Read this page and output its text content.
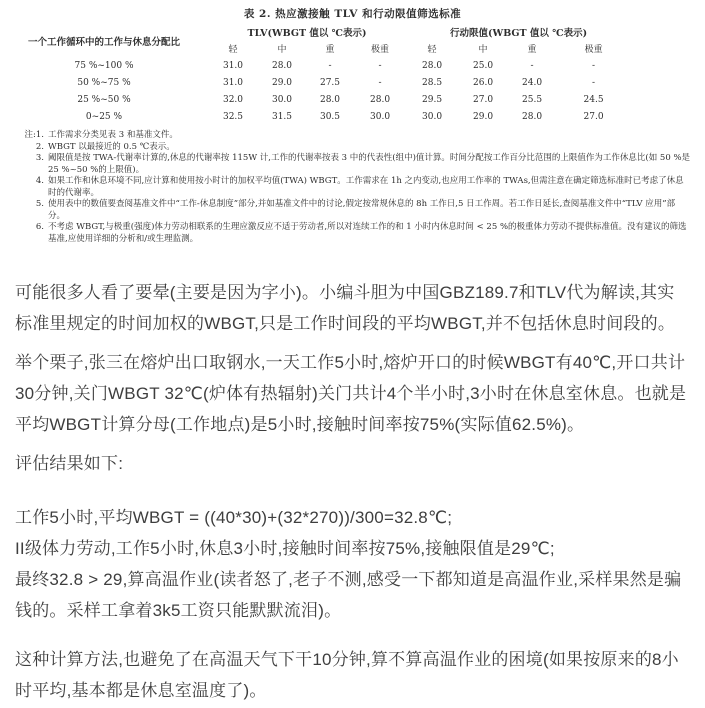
表 2. 热应激接触 TLV 和行动限值筛选标准
一个工作循环中的工作与休息分配比	TLV(WBGT 值以 ℃表示)				行动限值(WBGT 值以 ℃表示)			
	轻	中	重	极重	轻	中	重	极重
75 %~100 %	31.0	28.0	-	-	28.0	25.0	-	-
50 %~75 %	31.0	29.0	27.5	-	28.5	26.0	24.0	-
25 %~50 %	32.0	30.0	28.0	28.0	29.5	27.0	25.5	24.5
0~25 %	32.5	31.5	30.5	30.0	30.0	29.0	28.0	27.0
注:1. 工作需求分类见表 3 和基准文件。
2. WBGT 以最接近的 0.5 ℃表示。
3. 阈限值是按 TWA-代谢率计算的,休息的代谢率按 115W 计,工作的代谢率按表 3 中的代表性(组中)值计算。时间分配按工作百分比范围的上限值作为工作休息比(如 50 %是 25 %~50 %的上限值)。
4. 如果工作和休息环境不同,应计算和使用按小时计的加权平均值(TWA) WBGT。工作需求在 1h 之内变动,也应用工作率的 TWAs,但需注意在确定筛选标准时已考虑了休息时的代谢率。
5. 使用表中的数值要查阅基准文件中“工作-休息制度”部分,并如基准文件中的讨论,假定按常规休息的 8h 工作日,5 日工作周。若工作日延长,查阅基准文件中“TLV 应用”部分。
6. 不考虑 WBGT,与极重(强度)体力劳动相联系的生理应激反应不适于劳动者,所以对连续工作的和 1 小时内休息时间 < 25 %的极重体力劳动不提供标准值。没有建议的筛选基准,应使用详细的分析和/或生理监测。

可能很多人看了要晕(主要是因为字小)。小编斗胆为中国GBZ189.7和TLV代为解读,其实标准里规定的时间加权的WBGT,只是工作时间段的平均WBGT,并不包括休息时间段的。

举个栗子,张三在熔炉出口取钢水,一天工作5小时,熔炉开口的时候WBGT有40℃,开口共计30分钟,关门WBGT 32℃(炉体有热辐射)关门共计4个半小时,3小时在休息室休息。也就是平均WBGT计算分母(工作地点)是5小时,接触时间率按75%(实际值62.5%)。

评估结果如下:

工作5小时,平均WBGT = ((40*30)+(32*270))/300=32.8℃;

II级体力劳动,工作5小时,休息3小时,接触时间率按75%,接触限值是29℃;

最终32.8 > 29,算高温作业(读者怒了,老子不测,感受一下都知道是高温作业,采样果然是骗钱的。采样工拿着3k5工资只能默默流泪)。

这种计算方法,也避免了在高温天气下干10分钟,算不算高温作业的困境(如果按原来的8小时平均,基本都是休息室温度了)。
